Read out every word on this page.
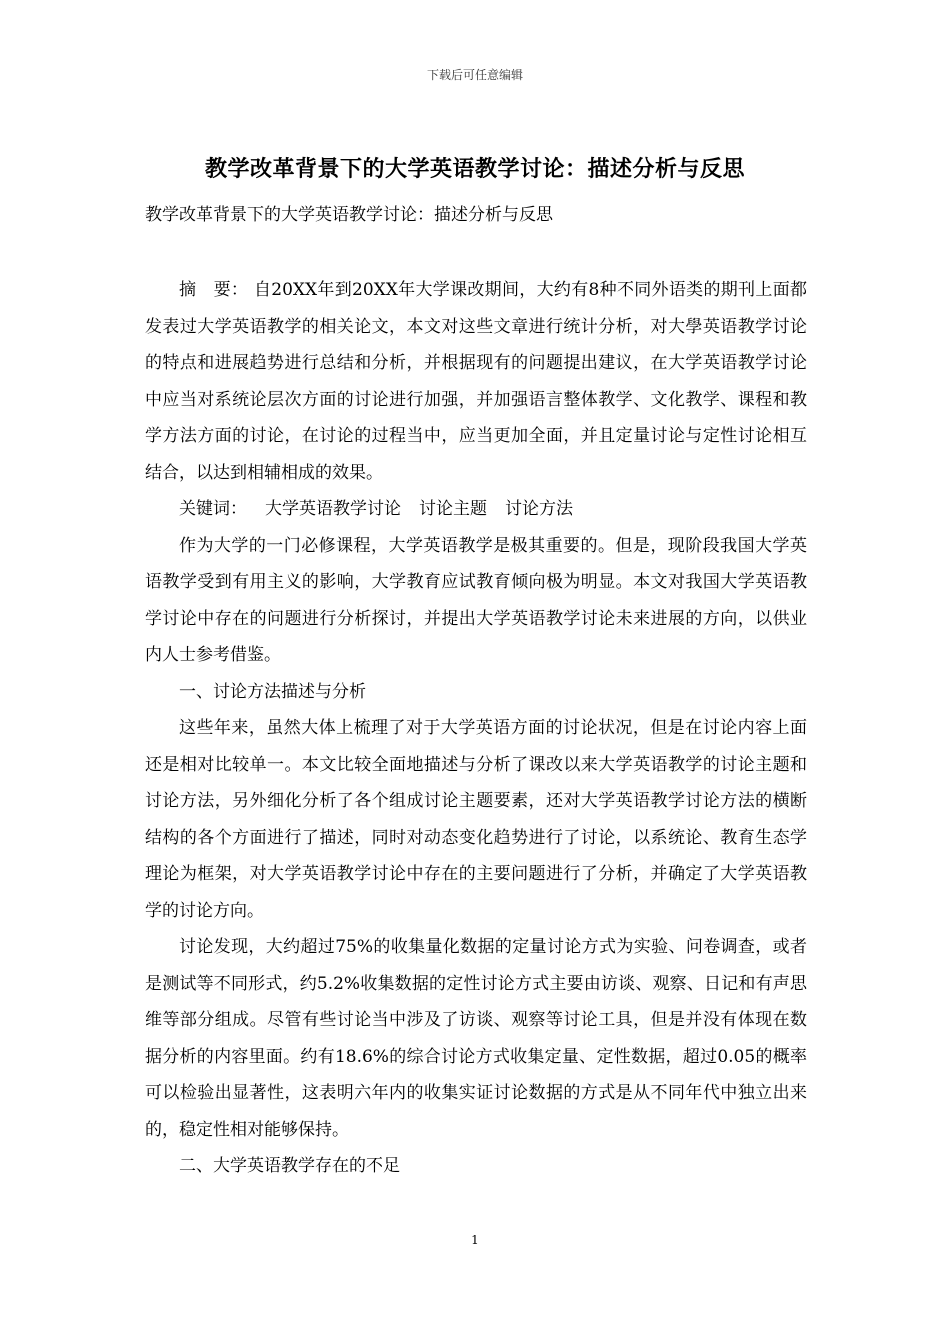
下载后可任意编辑
教学改革背景下的大学英语教学讨论：描述分析与反思
教学改革背景下的大学英语教学讨论：描述分析与反思

摘　要： 自20XX年到20XX年大学课改期间，大约有8种不同外语类的期刊上面都发表过大学英语教学的相关论文，本文对这些文章进行统计分析，对大學英语教学讨论的特点和进展趋势进行总结和分析，并根据现有的问题提出建议，在大学英语教学讨论中应当对系统论层次方面的讨论进行加强，并加强语言整体教学、文化教学、课程和教学方法方面的讨论，在讨论的过程当中，应当更加全面，并且定量讨论与定性讨论相互结合，以达到相辅相成的效果。

关键词： 大学英语教学讨论 讨论主题 讨论方法

作为大学的一门必修课程，大学英语教学是极其重要的。但是，现阶段我国大学英语教学受到有用主义的影响，大学教育应试教育倾向极为明显。本文对我国大学英语教学讨论中存在的问题进行分析探讨，并提出大学英语教学讨论未来进展的方向，以供业内人士参考借鉴。

一、讨论方法描述与分析

这些年来，虽然大体上梳理了对于大学英语方面的讨论状况，但是在讨论内容上面还是相对比较单一。本文比较全面地描述与分析了课改以来大学英语教学的讨论主题和讨论方法，另外细化分析了各个组成讨论主题要素，还对大学英语教学讨论方法的横断结构的各个方面进行了描述，同时对动态变化趋势进行了讨论，以系统论、教育生态学理论为框架，对大学英语教学讨论中存在的主要问题进行了分析，并确定了大学英语教学的讨论方向。

讨论发现，大约超过75%的收集量化数据的定量讨论方式为实验、问卷调查，或者是测试等不同形式，约5.2%收集数据的定性讨论方式主要由访谈、观察、日记和有声思维等部分组成。尽管有些讨论当中涉及了访谈、观察等讨论工具，但是并没有体现在数据分析的内容里面。约有18.6%的综合讨论方式收集定量、定性数据，超过0.05的概率可以检验出显著性，这表明六年内的收集实证讨论数据的方式是从不同年代中独立出来的，稳定性相对能够保持。

二、大学英语教学存在的不足

1
